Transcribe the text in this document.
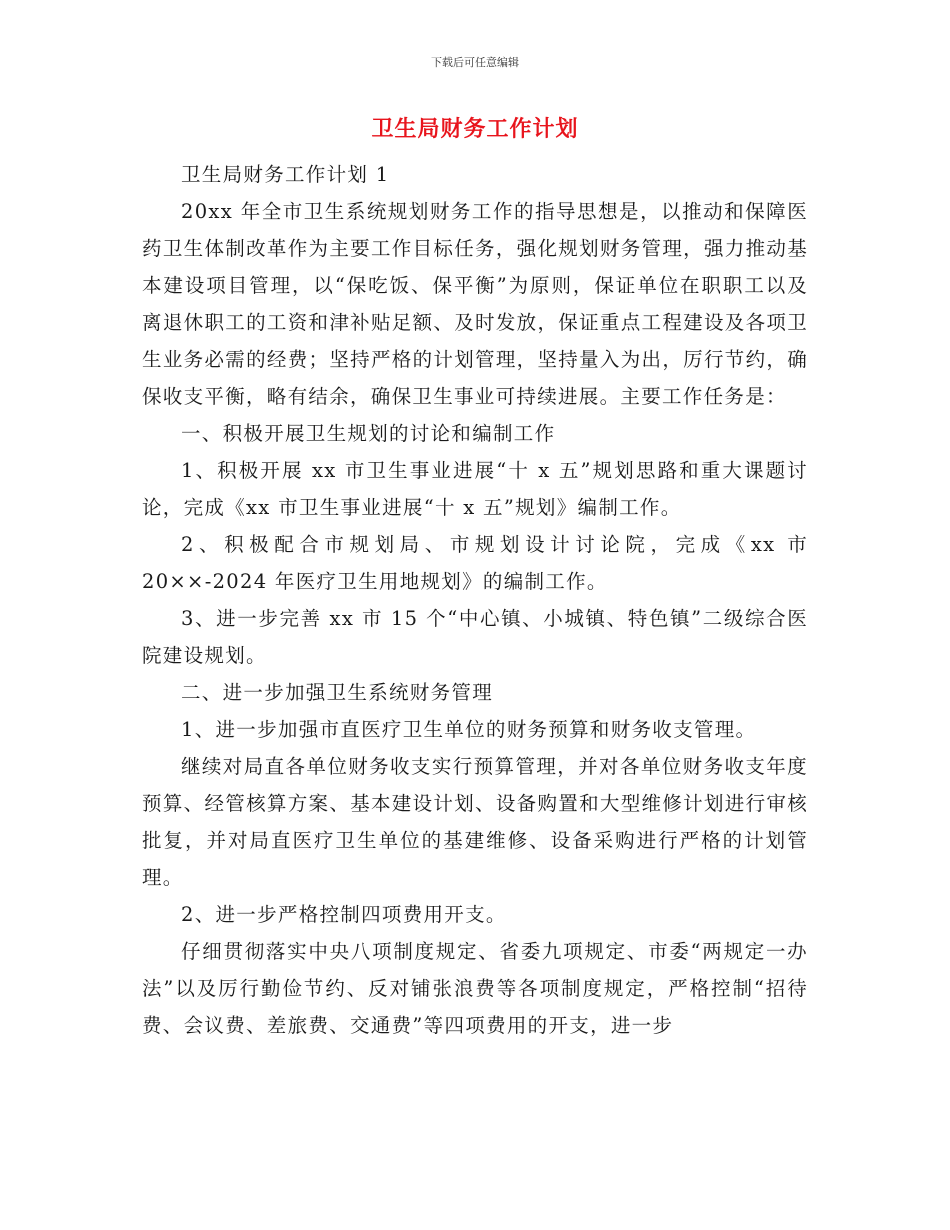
下载后可任意编辑
卫生局财务工作计划

卫生局财务工作计划 1

20xx 年全市卫生系统规划财务工作的指导思想是，以推动和保障医药卫生体制改革作为主要工作目标任务，强化规划财务管理，强力推动基本建设项目管理，以“保吃饭、保平衡”为原则，保证单位在职职工以及离退休职工的工资和津补贴足额、及时发放，保证重点工程建设及各项卫生业务必需的经费；坚持严格的计划管理，坚持量入为出，厉行节约，确保收支平衡，略有结余，确保卫生事业可持续进展。主要工作任务是：

一、积极开展卫生规划的讨论和编制工作

1、积极开展 xx 市卫生事业进展“十 x 五”规划思路和重大课题讨论，完成《xx 市卫生事业进展“十 x 五”规划》编制工作。

2、积极配合市规划局、市规划设计讨论院，完成《xx 市 20××-2024 年医疗卫生用地规划》的编制工作。

3、进一步完善 xx 市 15 个“中心镇、小城镇、特色镇”二级综合医院建设规划。

二、进一步加强卫生系统财务管理

1、进一步加强市直医疗卫生单位的财务预算和财务收支管理。

继续对局直各单位财务收支实行预算管理，并对各单位财务收支年度预算、经管核算方案、基本建设计划、设备购置和大型维修计划进行审核批复，并对局直医疗卫生单位的基建维修、设备采购进行严格的计划管理。

2、进一步严格控制四项费用开支。

仔细贯彻落实中央八项制度规定、省委九项规定、市委“两规定一办法”以及厉行勤俭节约、反对铺张浪费等各项制度规定，严格控制“招待费、会议费、差旅费、交通费”等四项费用的开支，进一步
